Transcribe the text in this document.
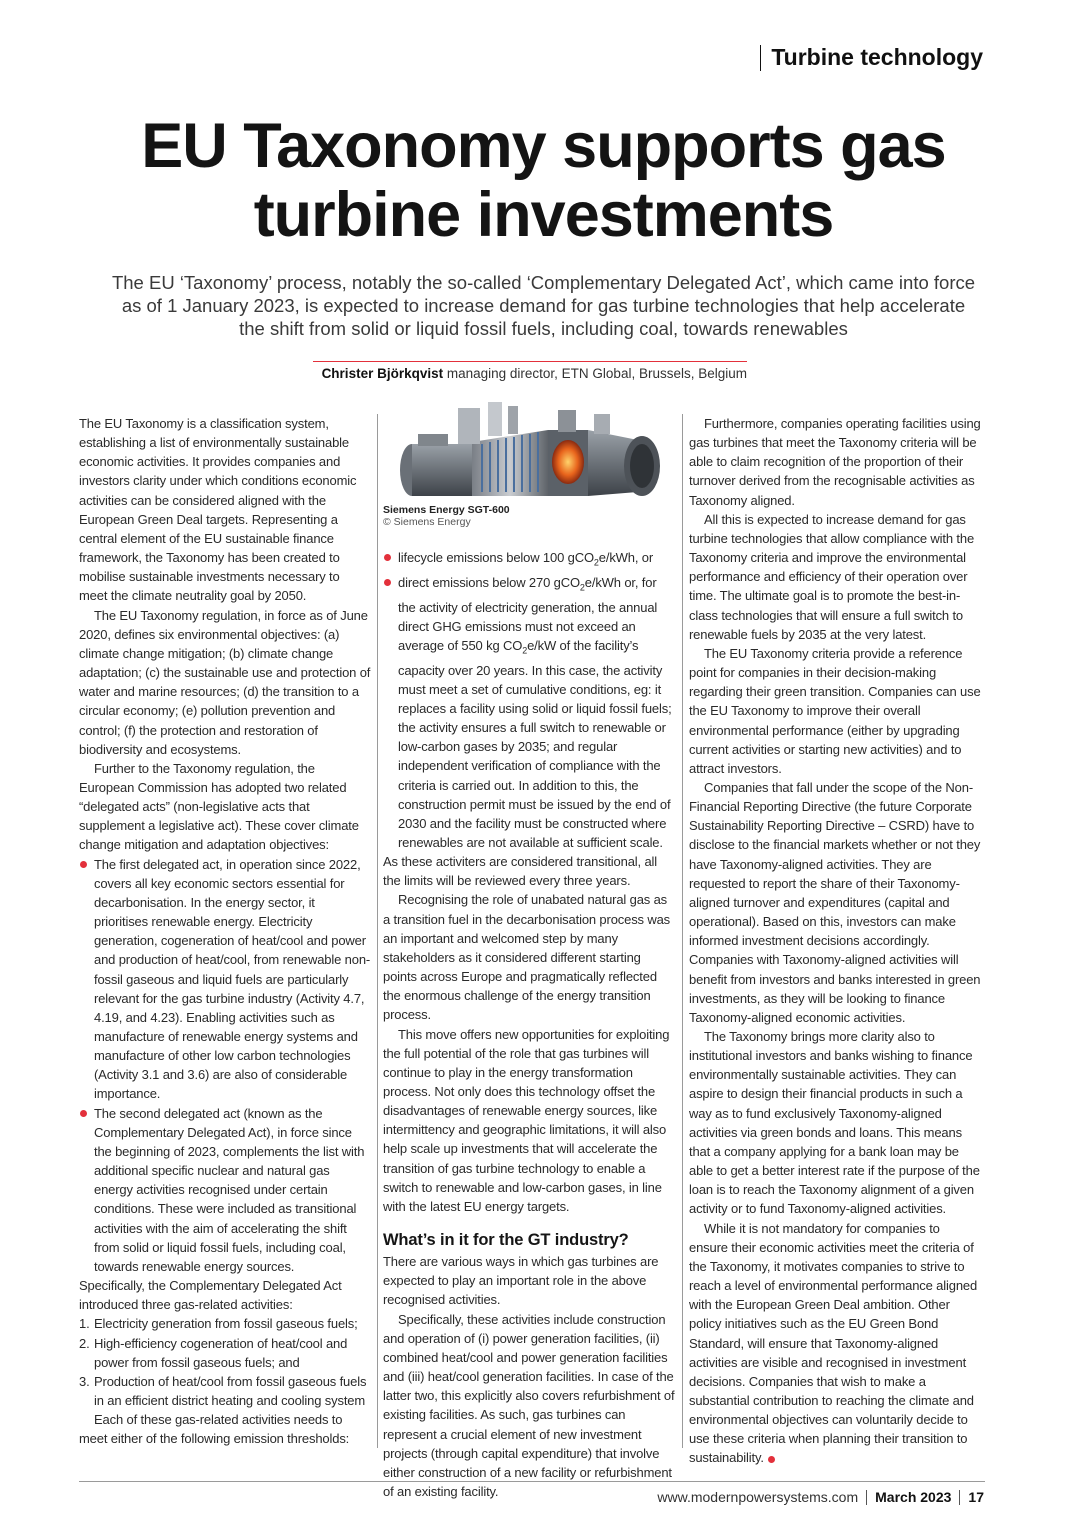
Turbine technology
EU Taxonomy supports gas turbine investments

The EU ‘Taxonomy’ process, notably the so-called ‘Complementary Delegated Act’, which came into force as of 1 January 2023, is expected to increase demand for gas turbine technologies that help accelerate the shift from solid or liquid fossil fuels, including coal, towards renewables

Christer Björkqvist managing director, ETN Global, Brussels, Belgium

The EU Taxonomy is a classification system, establishing a list of environmentally sustainable economic activities. It provides companies and investors clarity under which conditions economic activities can be considered aligned with the European Green Deal targets. Representing a central element of the EU sustainable finance framework, the Taxonomy has been created to mobilise sustainable investments necessary to meet the climate neutrality goal by 2050.

The EU Taxonomy regulation, in force as of June 2020, defines six environmental objectives: (a) climate change mitigation; (b) climate change adaptation; (c) the sustainable use and protection of water and marine resources; (d) the transition to a circular economy; (e) pollution prevention and control; (f) the protection and restoration of biodiversity and ecosystems.

Further to the Taxonomy regulation, the European Commission has adopted two related “delegated acts” (non-legislative acts that supplement a legislative act). These cover climate change mitigation and adaptation objectives:

The first delegated act, in operation since 2022, covers all key economic sectors essential for decarbonisation. In the energy sector, it prioritises renewable energy. Electricity generation, cogeneration of heat/cool and power and production of heat/cool, from renewable non-fossil gaseous and liquid fuels are particularly relevant for the gas turbine industry (Activity 4.7, 4.19, and 4.23). Enabling activities such as manufacture of renewable energy systems and manufacture of other low carbon technologies (Activity 3.1 and 3.6) are also of considerable importance.
The second delegated act (known as the Complementary Delegated Act), in force since the beginning of 2023, complements the list with additional specific nuclear and natural gas energy activities recognised under certain conditions. These were included as transitional activities with the aim of accelerating the shift from solid or liquid fossil fuels, including coal, towards renewable energy sources.

Specifically, the Complementary Delegated Act introduced three gas-related activities:

1. Electricity generation from fossil gaseous fuels;
2. High-efficiency cogeneration of heat/cool and power from fossil gaseous fuels; and
3. Production of heat/cool from fossil gaseous fuels in an efficient district heating and cooling system

Each of these gas-related activities needs to meet either of the following emission thresholds:

Siemens Energy SGT-600
© Siemens Energy
lifecycle emissions below 100 gCO$_2$e/kWh, or
direct emissions below 270 gCO$_2$e/kWh or, for the activity of electricity generation, the annual direct GHG emissions must not exceed an average of 550 kg $CO_2e/kW$ of the facility’s capacity over 20 years. In this case, the activity must meet a set of cumulative conditions, eg: it replaces a facility using solid or liquid fossil fuels; the activity ensures a full switch to renewable or low-carbon gases by 2035; and regular independent verification of compliance with the criteria is carried out. In addition to this, the construction permit must be issued by the end of 2030 and the facility must be constructed where renewables are not available at sufficient scale.

As these activiters are considered transitional, all the limits will be reviewed every three years.

Recognising the role of unabated natural gas as a transition fuel in the decarbonisation process was an important and welcomed step by many stakeholders as it considered different starting points across Europe and pragmatically reflected the enormous challenge of the energy transition process.

This move offers new opportunities for exploiting the full potential of the role that gas turbines will continue to play in the energy transformation process. Not only does this technology offset the disadvantages of renewable energy sources, like intermittency and geographic limitations, it will also help scale up investments that will accelerate the transition of gas turbine technology to enable a switch to renewable and low-carbon gases, in line with the latest EU energy targets.

What’s in it for the GT industry?

There are various ways in which gas turbines are expected to play an important role in the above recognised activities.

Specifically, these activities include construction and operation of (i) power generation facilities, (ii) combined heat/cool and power generation facilities and (iii) heat/cool generation facilities. In case of the latter two, this explicitly also covers refurbishment of existing facilities. As such, gas turbines can represent a crucial element of new investment projects (through capital expenditure) that involve either construction of a new facility or refurbishment of an existing facility.

Furthermore, companies operating facilities using gas turbines that meet the Taxonomy criteria will be able to claim recognition of the proportion of their turnover derived from the recognisable activities as Taxonomy aligned.

All this is expected to increase demand for gas turbine technologies that allow compliance with the Taxonomy criteria and improve the environmental performance and efficiency of their operation over time. The ultimate goal is to promote the best-in-class technologies that will ensure a full switch to renewable fuels by 2035 at the very latest.

The EU Taxonomy criteria provide a reference point for companies in their decision-making regarding their green transition. Companies can use the EU Taxonomy to improve their overall environmental performance (either by upgrading current activities or starting new activities) and to attract investors.

Companies that fall under the scope of the Non-Financial Reporting Directive (the future Corporate Sustainability Reporting Directive – CSRD) have to disclose to the financial markets whether or not they have Taxonomy-aligned activities. They are requested to report the share of their Taxonomy-aligned turnover and expenditures (capital and operational). Based on this, investors can make informed investment decisions accordingly. Companies with Taxonomy-aligned activities will benefit from investors and banks interested in green investments, as they will be looking to finance Taxonomy-aligned economic activities.

The Taxonomy brings more clarity also to institutional investors and banks wishing to finance environmentally sustainable activities. They can aspire to design their financial products in such a way as to fund exclusively Taxonomy-aligned activities via green bonds and loans. This means that a company applying for a bank loan may be able to get a better interest rate if the purpose of the loan is to reach the Taxonomy alignment of a given activity or to fund Taxonomy-aligned activities.

While it is not mandatory for companies to ensure their economic activities meet the criteria of the Taxonomy, it motivates companies to strive to reach a level of environmental performance aligned with the European Green Deal ambition. Other policy initiatives such as the EU Green Bond Standard, will ensure that Taxonomy-aligned activities are visible and recognised in investment decisions. Companies that wish to make a substantial contribution to reaching the climate and environmental objectives can voluntarily decide to use these criteria when planning their transition to sustainability.

www.modernpowersystems.com March 2023 17
